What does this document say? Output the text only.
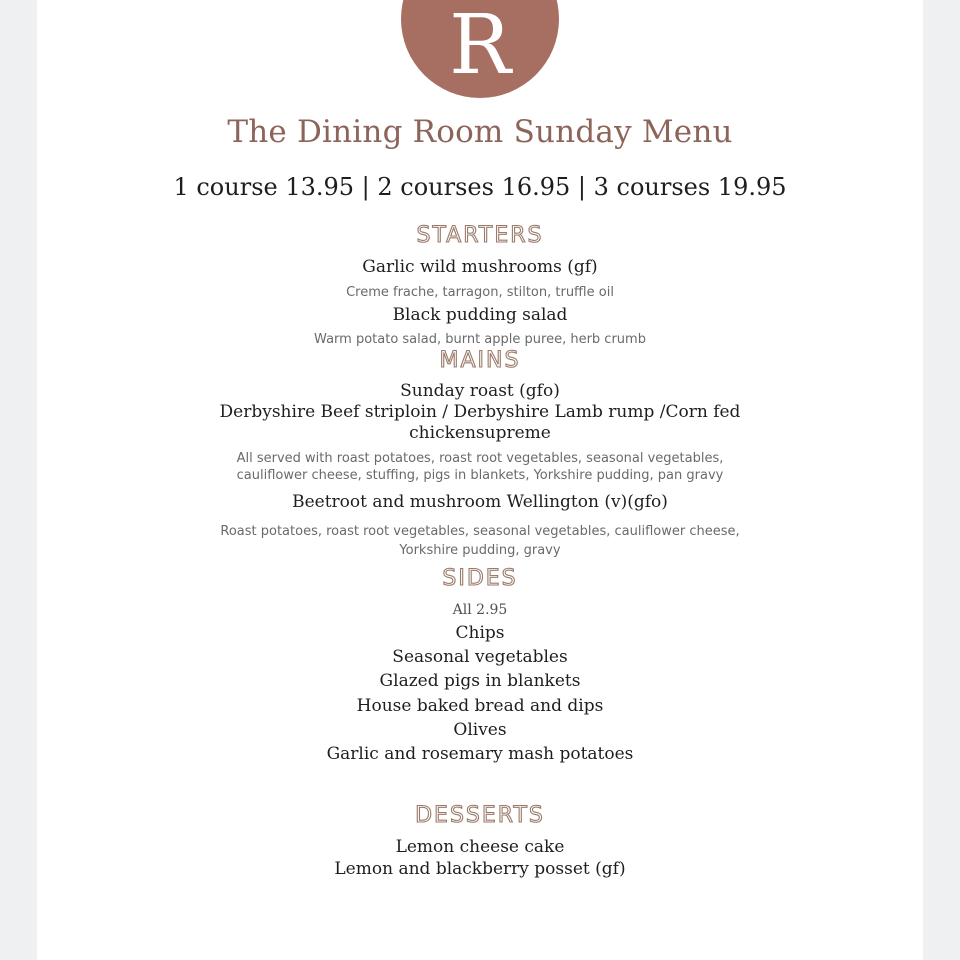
R
The Dining Room Sunday Menu
1 course 13.95 | 2 courses 16.95 | 3 courses 19.95
STARTERS
Garlic wild mushrooms (gf)
Creme frache, tarragon, stilton, truffle oil
Black pudding salad
Warm potato salad, burnt apple puree, herb crumb
MAINS
Sunday roast (gfo)
Derbyshire Beef striploin / Derbyshire Lamb rump /Corn fed
chickensupreme
All served with roast potatoes, roast root vegetables, seasonal vegetables,
cauliflower cheese, stuffing, pigs in blankets, Yorkshire pudding, pan gravy
Beetroot and mushroom Wellington (v)(gfo)
Roast potatoes, roast root vegetables, seasonal vegetables, cauliflower cheese,
Yorkshire pudding, gravy
SIDES
All 2.95
Chips
Seasonal vegetables
Glazed pigs in blankets
House baked bread and dips
Olives
Garlic and rosemary mash potatoes
DESSERTS
Lemon cheese cake
Lemon and blackberry posset (gf)
